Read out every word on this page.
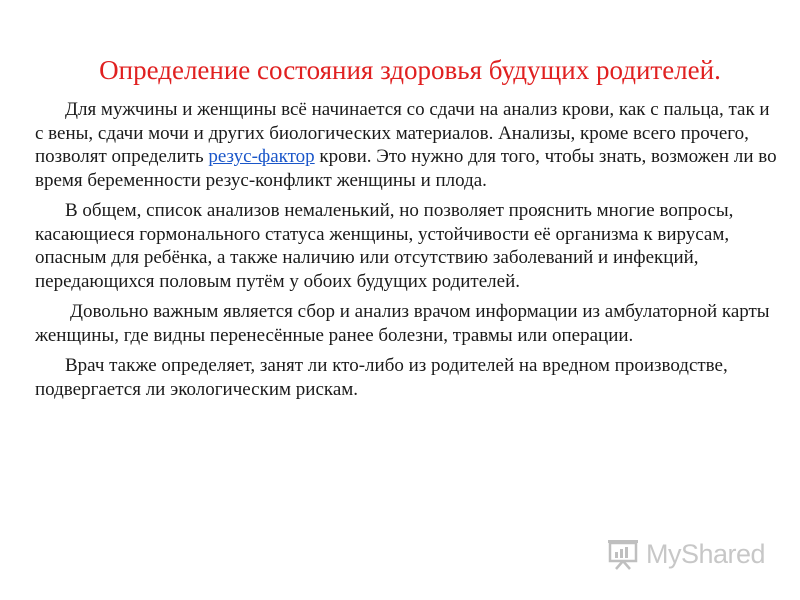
Определение состояния здоровья будущих родителей.

Для мужчины и женщины всё начинается со сдачи на анализ крови, как с пальца, так и с вены, сдачи мочи и других биологических материалов. Анализы, кроме всего прочего, позволят определить резус-фактор крови. Это нужно для того, чтобы знать, возможен ли во время беременности резус-конфликт женщины и плода.

В общем, список анализов немаленький, но позволяет прояснить многие вопросы, касающиеся гормонального статуса женщины, устойчивости её организма к вирусам, опасным для ребёнка, а также наличию или отсутствию заболеваний и инфекций, передающихся половым путём у обоих будущих родителей.

Довольно важным является сбор и анализ врачом информации из амбулаторной карты женщины, где видны перенесённые ранее болезни, травмы или операции.

Врач также определяет, занят ли кто-либо из родителей на вредном производстве, подвергается ли экологическим рискам.

MyShared
